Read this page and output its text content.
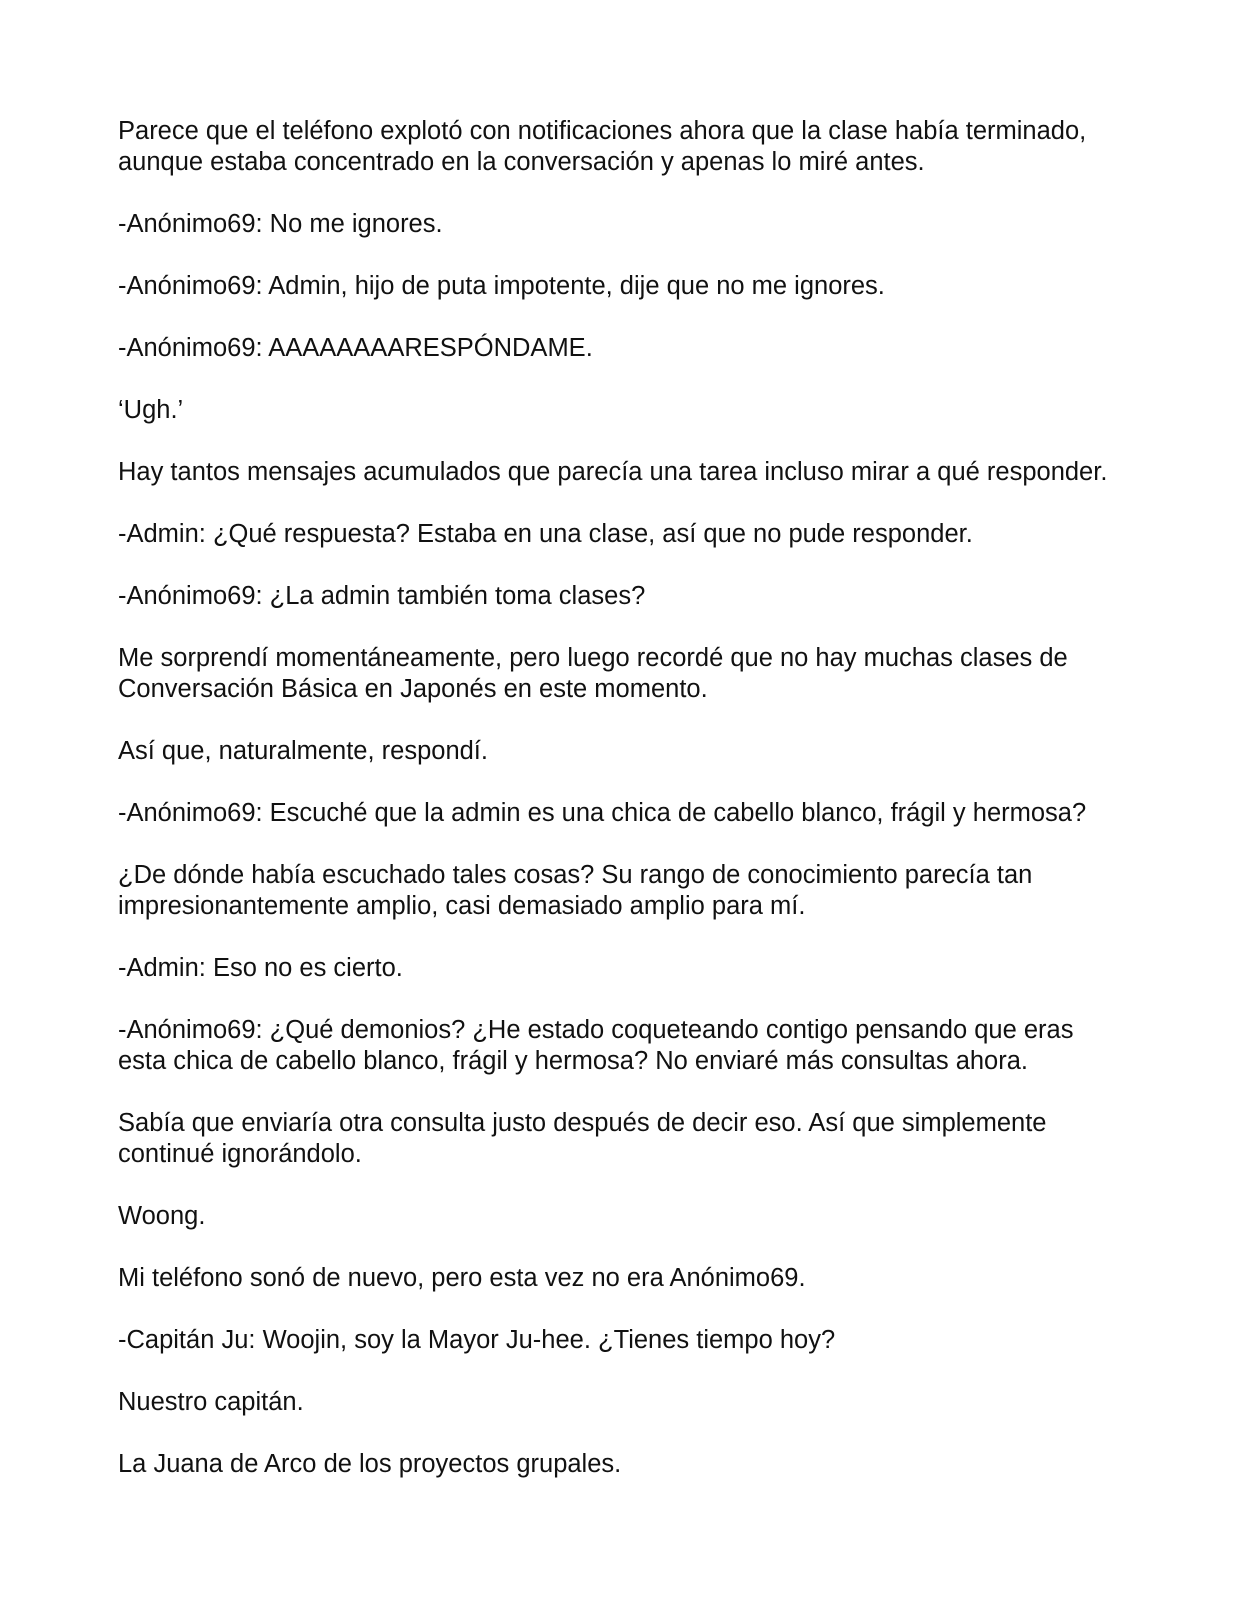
Parece que el teléfono explotó con notificaciones ahora que la clase había terminado, aunque estaba concentrado en la conversación y apenas lo miré antes.

-Anónimo69: No me ignores.

-Anónimo69: Admin, hijo de puta impotente, dije que no me ignores.

-Anónimo69: AAAAAAAARESPÓNDAME.

‘Ugh.’

Hay tantos mensajes acumulados que parecía una tarea incluso mirar a qué responder.

-Admin: ¿Qué respuesta? Estaba en una clase, así que no pude responder.

-Anónimo69: ¿La admin también toma clases?

Me sorprendí momentáneamente, pero luego recordé que no hay muchas clases de Conversación Básica en Japonés en este momento.

Así que, naturalmente, respondí.

-Anónimo69: Escuché que la admin es una chica de cabello blanco, frágil y hermosa?

¿De dónde había escuchado tales cosas? Su rango de conocimiento parecía tan impresionantemente amplio, casi demasiado amplio para mí.

-Admin: Eso no es cierto.

-Anónimo69: ¿Qué demonios? ¿He estado coqueteando contigo pensando que eras esta chica de cabello blanco, frágil y hermosa? No enviaré más consultas ahora.

Sabía que enviaría otra consulta justo después de decir eso. Así que simplemente continué ignorándolo.

Woong.

Mi teléfono sonó de nuevo, pero esta vez no era Anónimo69.

-Capitán Ju: Woojin, soy la Mayor Ju-hee. ¿Tienes tiempo hoy?

Nuestro capitán.

La Juana de Arco de los proyectos grupales.
